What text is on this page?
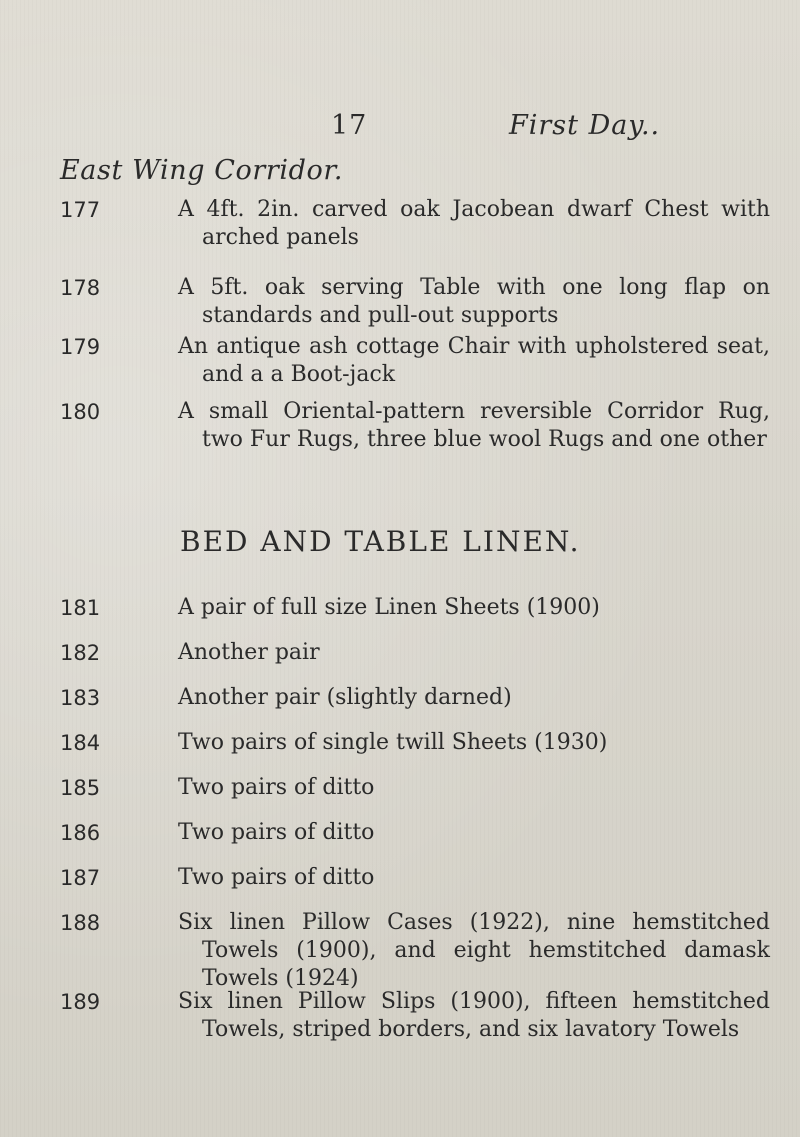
17	First Day..
East Wing Corridor.
177	A 4ft. 2in. carved oak Jacobean dwarf Chest with arched panels
178	A 5ft. oak serving Table with one long flap on standards and pull-out supports
179	An antique ash cottage Chair with upholstered seat, and a a Boot-jack
180	A small Oriental-pattern reversible Corridor Rug, two Fur Rugs, three blue wool Rugs and one other
BED AND TABLE LINEN.
181	A pair of full size Linen Sheets (1900)
182	Another pair
183	Another pair (slightly darned)
184	Two pairs of single twill Sheets (1930)
185	Two pairs of ditto
186	Two pairs of ditto
187	Two pairs of ditto
188	Six linen Pillow Cases (1922), nine hemstitched Towels (1900), and eight hemstitched damask Towels (1924)
189	Six linen Pillow Slips (1900), fifteen hemstitched Towels, striped borders, and six lavatory Towels
